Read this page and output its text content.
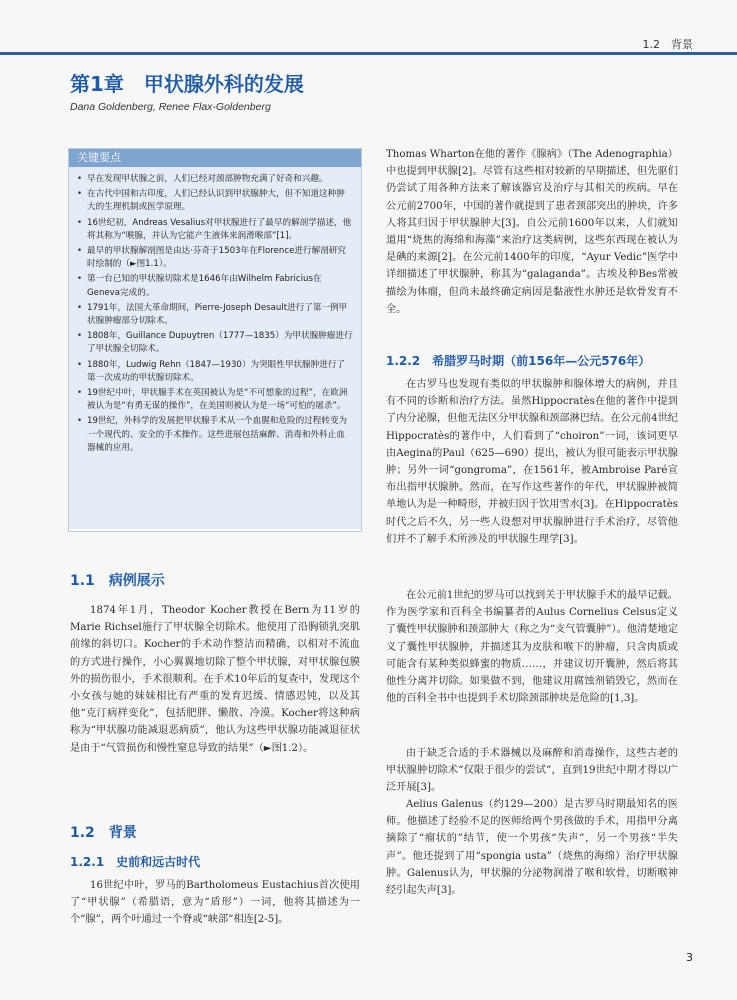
1.2　背景
第1章　甲状腺外科的发展
Dana Goldenberg, Renee Flax-Goldenberg
关键要点
• 早在发现甲状腺之前，人们已经对颈部肿物充满了好奇和兴趣。
• 在古代中国和古印度，人们已经认识到甲状腺肿大，但不知道这种肿大的生理机制或医学原理。
• 16世纪初，Andreas Vesalius对甲状腺进行了最早的解剖学描述，他将其称为“喉腺，并认为它能产生液体来润滑喉部”[1]。
• 最早的甲状腺解剖图是由达·芬奇于1503年在Florence进行解剖研究时绘制的（►图1.1）。
• 第一台已知的甲状腺切除术是1646年由Wilhelm Fabricius在Geneva完成的。
• 1791年，法国大革命期间，Pierre-Joseph Desault进行了第一例甲状腺肿瘤部分切除术。
• 1808年，Guillance Dupuytren（1777—1835）为甲状腺肿瘤进行了甲状腺全切除术。
• 1880年，Ludwig Rehn（1847—1930）为突眼性甲状腺肿进行了第一次成功的甲状腺切除术。
• 19世纪中叶，甲状腺手术在英国被认为是“不可想象的过程”，在欧洲被认为是“有勇无谋的操作”，在美国则被认为是一场“可怕的屠杀”。
• 19世纪，外科学的发展把甲状腺手术从一个血腥和危险的过程转变为一个现代的、安全的手术操作。这些进展包括麻醉、消毒和外科止血器械的应用。
1.1　病例展示

1874年1月，Theodor Kocher教授在Bern为11岁的Marie Richsel施行了甲状腺全切除术。他使用了沿胸锁乳突肌前缘的斜切口。Kocher的手术动作整洁而精确，以相对不流血的方式进行操作，小心翼翼地切除了整个甲状腺，对甲状腺包膜外的损伤很小，手术很顺利。在手术10年后的复查中，发现这个小女孩与她的妹妹相比有严重的发育迟缓、情感迟钝，以及其他“克汀病样变化”，包括肥胖、懒散、冷漠。Kocher将这种病称为“甲状腺功能减退恶病质”，他认为这些甲状腺功能减退征状是由于“气管损伤和慢性窒息导致的结果”（►图1.2）。

1.2　背景
1.2.1　史前和远古时代

16世纪中叶，罗马的Bartholomeus Eustachius首次使用了“甲状腺”（希腊语，意为“盾形”）一词，他将其描述为一个“腺”，两个叶通过一个脊或“峡部”相连[2-5]。

Thomas Wharton在他的著作《腺病》（The Adenographia）中也提到甲状腺[2]。尽管有这些相对较新的早期描述，但先驱们仍尝试了用各种方法来了解该器官及治疗与其相关的疾病。早在公元前2700年，中国的著作就提到了患者颈部突出的肿块，许多人将其归因于甲状腺肿大[3]。自公元前1600年以来，人们就知道用“烧焦的海绵和海藻”来治疗这类病例，这些东西现在被认为是碘的来源[2]。在公元前1400年的印度，“Ayur Vedic”医学中详细描述了甲状腺肿，称其为“galaganda”。古埃及种Bes常被描绘为体瘤，但尚未最终确定病因是黏液性水肿还是软骨发育不全。

1.2.2　希腊罗马时期（前156年—公元576年）

在古罗马也发现有类似的甲状腺肿和腺体增大的病例，并且有不同的诊断和治疗方法。虽然Hippocratès在他的著作中提到了内分泌腺，但他无法区分甲状腺和颈部淋巴结。在公元前4世纪Hippocratès的著作中，人们看到了“choiron”一词，该词更早由Aegina的Paul（625—690）提出，被认为很可能表示甲状腺肿；另外一词“gongroma”，在1561年，被Ambroise Paré宣布出指甲状腺肿。然而，在写作这些著作的年代，甲状腺肿被简单地认为是一种畸形，并被归因于饮用雪水[3]。在Hippocratès时代之后不久，另一些人设想对甲状腺肿进行手术治疗，尽管他们并不了解手术所涉及的甲状腺生理学[3]。

在公元前1世纪的罗马可以找到关于甲状腺手术的最早记载。作为医学家和百科全书编纂者的Aulus Cornelius Celsus定义了囊性甲状腺肿和颈部肿大（称之为“支气管囊肿”）。他清楚地定义了囊性甲状腺肿，并描述其为皮肤和喉下的肿瘤，只含肉质或可能含有某种类似蜂蜜的物质……，并建议切开囊肿，然后将其他性分离并切除。如果做不到，他建议用腐蚀剂销毁它，然而在他的百科全书中也提到手术切除颈部肿块是危险的[1,3]。

由于缺乏合适的手术器械以及麻醉和消毒操作，这些古老的甲状腺肿切除术“仅限于很少的尝试”，直到19世纪中期才得以广泛开展[3]。

Aelius Galenus（约129—200）是古罗马时期最知名的医师。他描述了经验不足的医师给两个男孩做的手术，用指甲分离摘除了“瘤状的”结节，使一个男孩“失声”，另一个男孩“半失声”。他还提到了用“spongia usta”（烧焦的海绵）治疗甲状腺肿。Galenus认为，甲状腺的分泌物润滑了喉和软骨，切断喉神经引起失声[3]。

3
